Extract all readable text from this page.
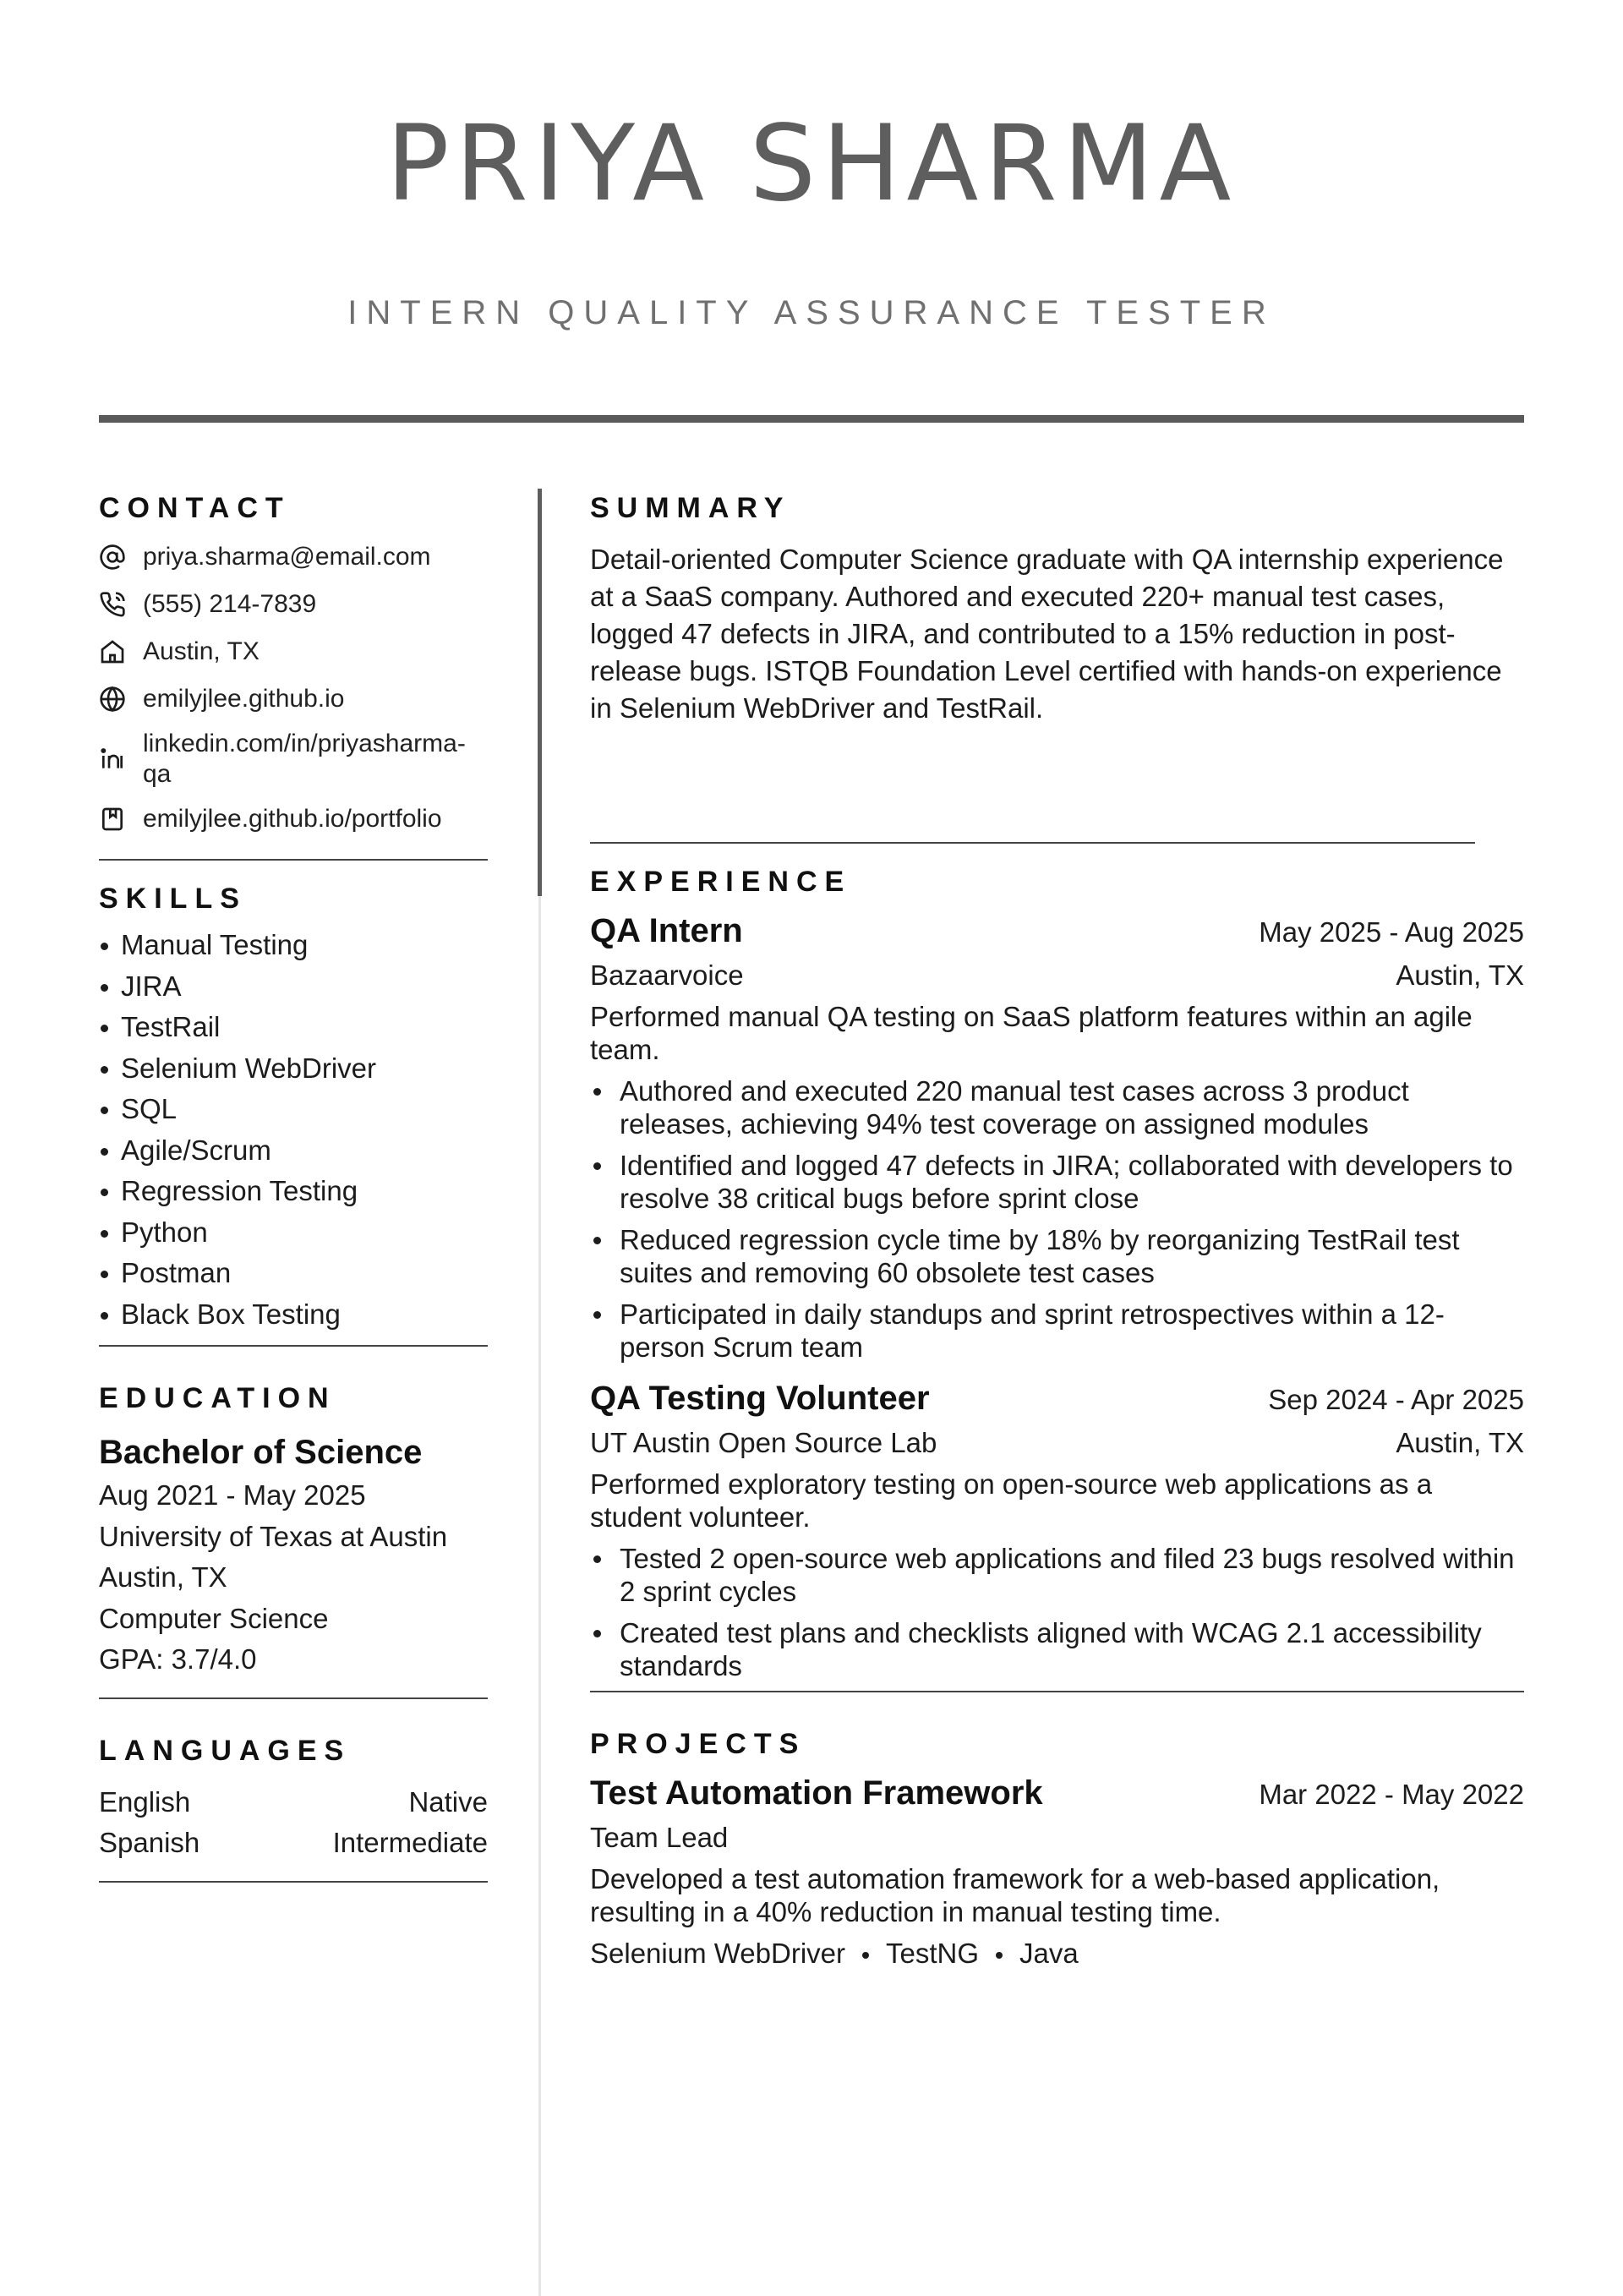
PRIYA SHARMA
INTERN QUALITY ASSURANCE TESTER
CONTACT
priya.sharma@email.com
(555) 214-7839
Austin, TX
emilyjlee.github.io
linkedin.com/in/priyasharma-qa
emilyjlee.github.io/portfolio
SKILLS
Manual Testing
JIRA
TestRail
Selenium WebDriver
SQL
Agile/Scrum
Regression Testing
Python
Postman
Black Box Testing
EDUCATION
Bachelor of Science
Aug 2021 - May 2025
University of Texas at Austin
Austin, TX
Computer Science
GPA: 3.7/4.0
LANGUAGES
English	Native
Spanish	Intermediate
SUMMARY
Detail-oriented Computer Science graduate with QA internship experience at a SaaS company. Authored and executed 220+ manual test cases, logged 47 defects in JIRA, and contributed to a 15% reduction in post-release bugs. ISTQB Foundation Level certified with hands-on experience in Selenium WebDriver and TestRail.
EXPERIENCE
QA Intern	May 2025 - Aug 2025
Bazaarvoice	Austin, TX
Performed manual QA testing on SaaS platform features within an agile team.
Authored and executed 220 manual test cases across 3 product releases, achieving 94% test coverage on assigned modules
Identified and logged 47 defects in JIRA; collaborated with developers to resolve 38 critical bugs before sprint close
Reduced regression cycle time by 18% by reorganizing TestRail test suites and removing 60 obsolete test cases
Participated in daily standups and sprint retrospectives within a 12-person Scrum team
QA Testing Volunteer	Sep 2024 - Apr 2025
UT Austin Open Source Lab	Austin, TX
Performed exploratory testing on open-source web applications as a student volunteer.
Tested 2 open-source web applications and filed 23 bugs resolved within 2 sprint cycles
Created test plans and checklists aligned with WCAG 2.1 accessibility standards
PROJECTS
Test Automation Framework	Mar 2022 - May 2022
Team Lead
Developed a test automation framework for a web-based application, resulting in a 40% reduction in manual testing time.
Selenium WebDriver TestNG Java
